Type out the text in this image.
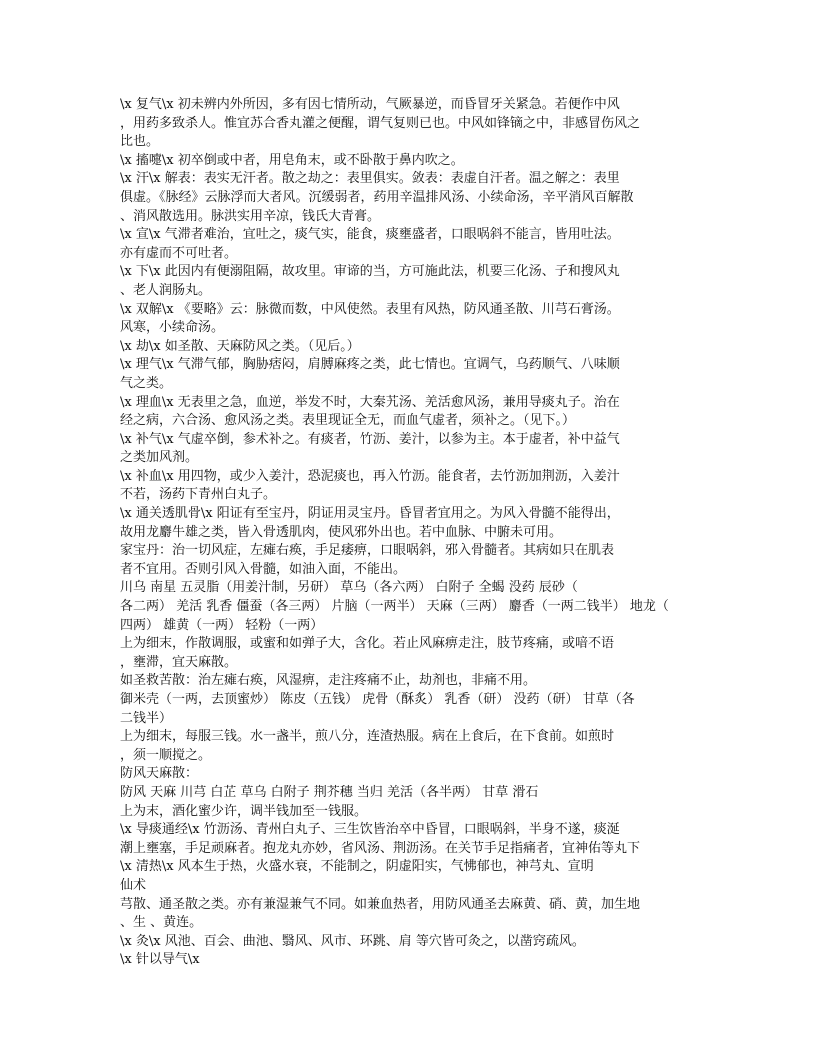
\x 复气\x 初未辨内外所因，多有因七情所动，气厥暴逆，而昏冒牙关紧急。若便作中风
，用药多致杀人。惟宜苏合香丸灌之便醒，谓气复则已也。中风如锋镝之中，非感冒伤风之
比也。
\x 搐嚏\x 初卒倒或中者，用皂角末，或不卧散于鼻内吹之。
\x 汗\x 解表：表实无汗者。散之劫之：表里俱实。敛表：表虚自汗者。温之解之：表里
俱虚。《脉经》云脉浮而大者风。沉缓弱者，药用辛温排风汤、小续命汤，辛平消风百解散
、消风散选用。脉洪实用辛凉，钱氏大青膏。
\x 宣\x 气滞者难治，宜吐之，痰气实，能食，痰壅盛者，口眼㖞斜不能言，皆用吐法。
亦有虚而不可吐者。
\x 下\x 此因内有便溺阻隔，故攻里。审谛的当，方可施此法，机要三化汤、子和搜风丸
、老人润肠丸。
\x 双解\x 《要略》云：脉微而数，中风使然。表里有风热，防风通圣散、川芎石膏汤。
风寒，小续命汤。
\x 劫\x 如圣散、天麻防风之类。（见后。）
\x 理气\x 气滞气郁，胸胁痞闷，肩膊麻疼之类，此七情也。宜调气，乌药顺气、八味顺
气之类。
\x 理血\x 无表里之急，血逆，举发不时，大秦艽汤、羌活愈风汤，兼用导痰丸子。治在
经之病，六合汤、愈风汤之类。表里现证全无，而血气虚者，须补之。（见下。）
\x 补气\x 气虚卒倒，参术补之。有痰者，竹沥、姜汁，以参为主。本于虚者，补中益气
之类加风剂。
\x 补血\x 用四物，或少入姜汁，恐泥痰也，再入竹沥。能食者，去竹沥加荆沥，入姜汁
不若，汤药下青州白丸子。
\x 通关透肌骨\x 阳证有至宝丹，阴证用灵宝丹。昏冒者宜用之。为风入骨髓不能得出，
故用龙麝牛雄之类，皆入骨透肌肉，使风邪外出也。若中血脉、中腑未可用。
家宝丹：治一切风症，左瘫右痪，手足痿痹，口眼㖞斜，邪入骨髓者。其病如只在肌表
者不宜用。否则引风入骨髓，如油入面，不能出。
川乌 南星 五灵脂（用姜汁制，另研） 草乌（各六两） 白附子 全蝎 没药 辰砂（
各二两） 羌活 乳香 僵蚕（各三两） 片脑（一两半） 天麻（三两） 麝香（一两二钱半） 地龙（
四两） 雄黄（一两） 轻粉（一两）
上为细末，作散调服，或蜜和如弹子大，含化。若止风麻痹走注，肢节疼痛，或喑不语
，壅滞，宜天麻散。
如圣救苦散：治左瘫右痪，风湿痹，走注疼痛不止，劫剂也，非痛不用。
御米壳（一两，去顶蜜炒） 陈皮（五钱） 虎骨（酥炙） 乳香（研） 没药（研） 甘草（各
二钱半）
上为细末，每服三钱。水一盏半，煎八分，连渣热服。病在上食后，在下食前。如煎时
，须一顺搅之。
防风天麻散：
防风 天麻 川芎 白芷 草乌 白附子 荆芥穗 当归 羌活（各半两） 甘草 滑石
上为末，酒化蜜少许，调半钱加至一钱服。
\x 导痰通经\x 竹沥汤、青州白丸子、三生饮皆治卒中昏冒，口眼㖞斜，半身不遂，痰涎
潮上壅塞，手足顽麻者。抱龙丸亦妙，省风汤、荆沥汤。在关节手足指痛者，宜神佑等丸下
\x 清热\x 风本生于热，火盛水衰，不能制之，阴虚阳实，气怫郁也，神芎丸、宣明
仙术
芎散、通圣散之类。亦有兼湿兼气不同。如兼血热者，用防风通圣去麻黄、硝、黄，加生地
、生 、黄连。
\x 灸\x 风池、百会、曲池、翳风、风市、环跳、肩 等穴皆可灸之，以凿窍疏风。
\x 针以导气\x
